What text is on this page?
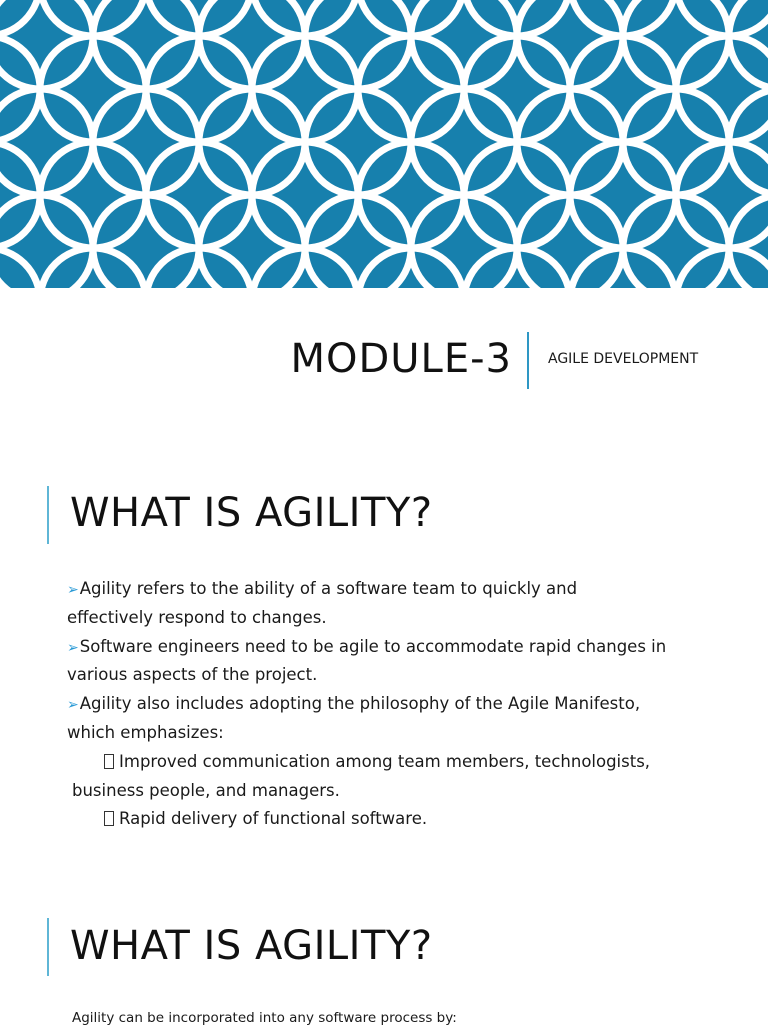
MODULE-3	AGILE DEVELOPMENT
WHAT IS AGILITY?
➢Agility refers to the ability of a software team to quickly and
effectively respond to changes.
➢Software engineers need to be agile to accommodate rapid changes in
various aspects of the project.
➢Agility also includes adopting the philosophy of the Agile Manifesto,
which emphasizes:
Improved communication among team members, technologists,
business people, and managers.
Rapid delivery of functional software.
WHAT IS AGILITY?
Agility can be incorporated into any software process by:
